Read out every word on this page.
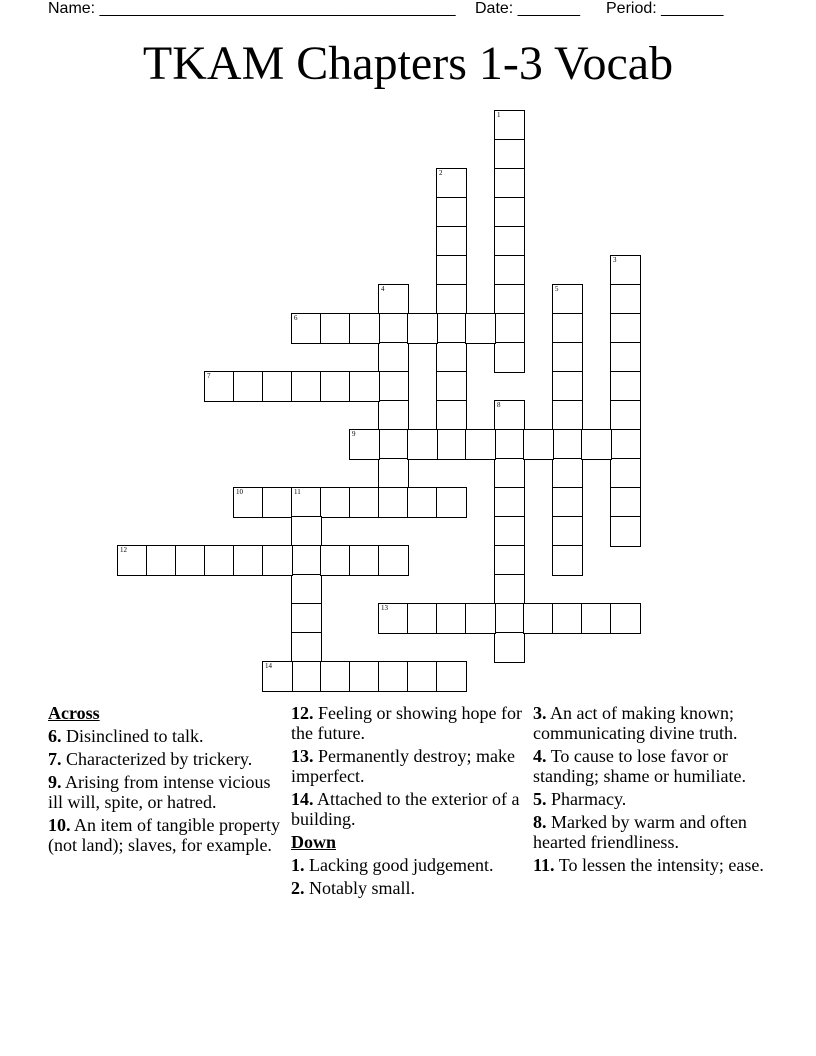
Name: ________________________________________ Date: _______ Period: _______
TKAM Chapters 1-3 Vocab
1
2
3
4	5
6
7
8
9
10	11
12
13
14
Across
6. Disinclined to talk.
7. Characterized by trickery.
9. Arising from intense vicious ill will, spite, or hatred.
10. An item of tangible property (not land); slaves, for example.
12. Feeling or showing hope for the future.
13. Permanently destroy; make imperfect.
14. Attached to the exterior of a building.
Down
1. Lacking good judgement.
2. Notably small.
3. An act of making known; communicating divine truth.
4. To cause to lose favor or standing; shame or humiliate.
5. Pharmacy.
8. Marked by warm and often hearted friendliness.
11. To lessen the intensity; ease.
